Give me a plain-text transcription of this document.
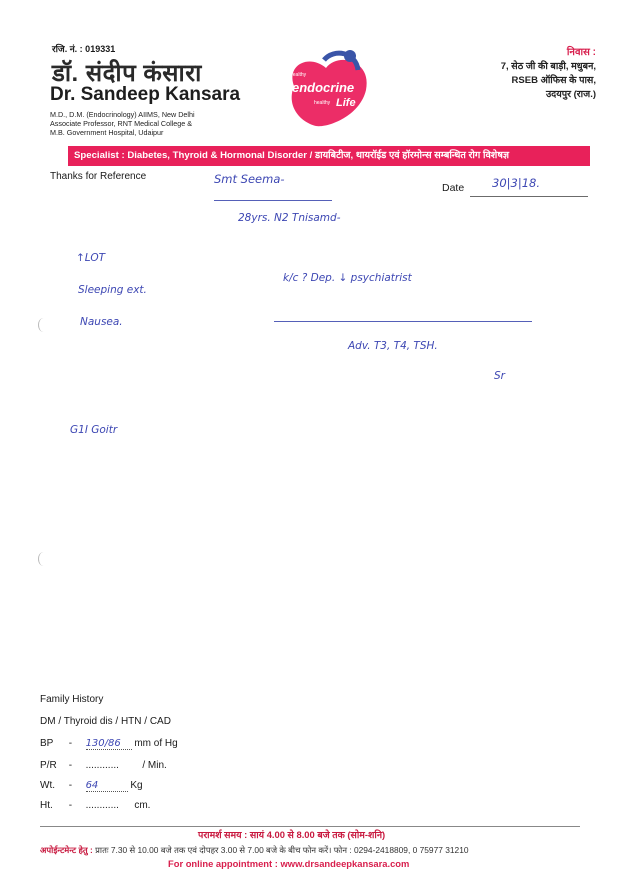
रजि. नं. : 019331
डॉ. संदीप कंसारा
Dr. Sandeep Kansara
M.D., D.M. (Endocrinology) AIIMS, New Delhi
Associate Professor, RNT Medical College &
M.B. Government Hospital, Udaipur
healthy
endocrine
healthy Life
निवास :
7, सेठ जी की बाड़ी, मधुबन,
RSEB ऑफिस के पास,
उदयपुर (राज.)
Specialist : Diabetes, Thyroid & Hormonal Disorder / डायबिटीज, थायरॉईड एवं हॉरमोन्स सम्बन्धित रोग विशेषज्ञ
Thanks for Reference
Date
Smt Seema-	30|3|18.
28yrs. N2 Tnisamd-
↑LOT
Sleeping ext.
Nausea.
k/c ? Dep. ↓ psychiatrist
Adv. T3, T4, TSH.
Sr
G1I Goitr
Family History
DM / Thyroid dis / HTN / CAD
BP - 130/86 mm of Hg
P/R - ............ / Min.
Wt. - 64	Kg
Ht. - ............ cm.
परामर्श समय : सायं 4.00 से 8.00 बजे तक (सोम-शनि)
अपोईन्टमेन्ट हेतु : प्रातः 7.30 से 10.00 बजे तक एवं दोपहर 3.00 से 7.00 बजे के बीच फोन करें। फोन : 0294-2418809, 0 75977 31210
For online appointment : www.drsandeepkansara.com
